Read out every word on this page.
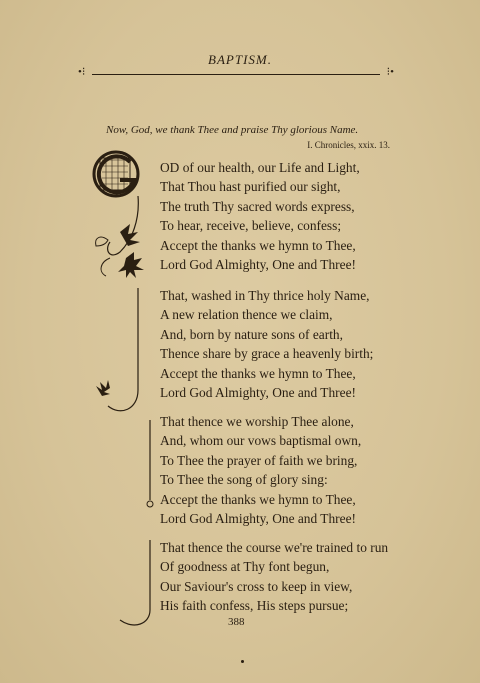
BAPTISM.
•⁝	⁝•
Now, God, we thank Thee and praise Thy glorious Name.
I. Chronicles, xxix. 13.
OD of our health, our Life and Light,
That Thou hast purified our sight,
The truth Thy sacred words express,
To hear, receive, believe, confess;
Accept the thanks we hymn to Thee,
Lord God Almighty, One and Three!
That, washed in Thy thrice holy Name,
A new relation thence we claim,
And, born by nature sons of earth,
Thence share by grace a heavenly birth;
Accept the thanks we hymn to Thee,
Lord God Almighty, One and Three!
That thence we worship Thee alone,
And, whom our vows baptismal own,
To Thee the prayer of faith we bring,
To Thee the song of glory sing:
Accept the thanks we hymn to Thee,
Lord God Almighty, One and Three!
That thence the course we're trained to run
Of goodness at Thy font begun,
Our Saviour's cross to keep in view,
His faith confess, His steps pursue;
388
